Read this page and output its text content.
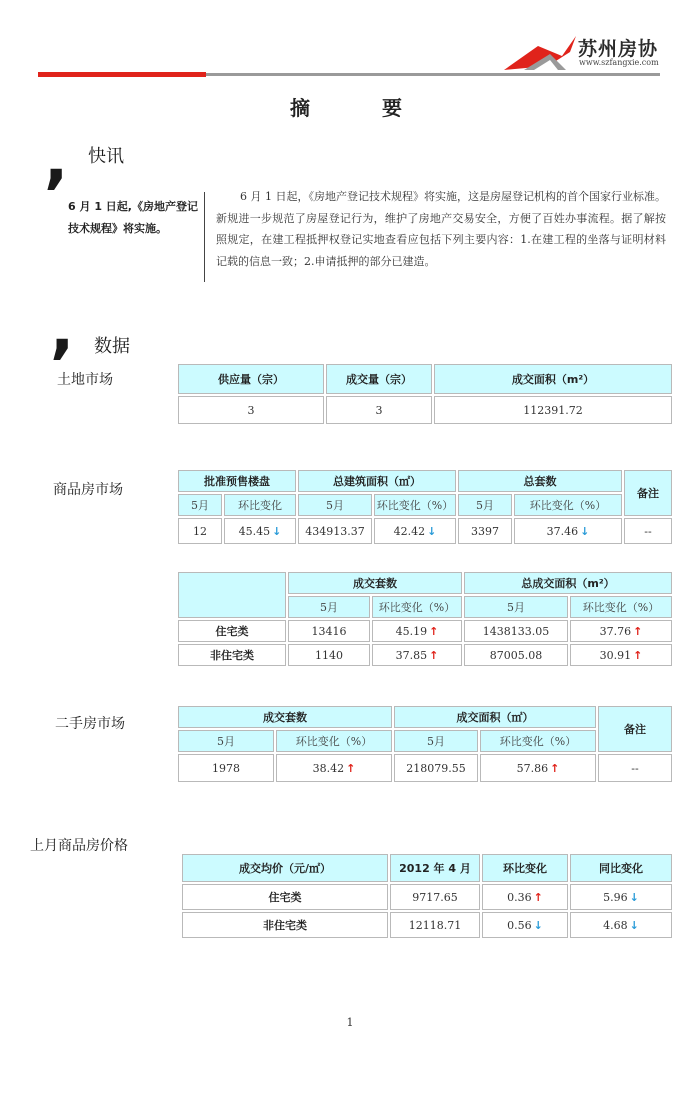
苏州房协
www.szfangxie.com
摘要
, 快讯
6 月 1 日起,《房地产登记技术规程》将实施。
6 月 1 日起，《房地产登记技术规程》将实施，这是房屋登记机构的首个国家行业标准。新规进一步规范了房屋登记行为，维护了房地产交易安全，方便了百姓办事流程。据了解按照规定，在建工程抵押权登记实地查看应包括下列主要内容：1.在建工程的坐落与证明材料记载的信息一致；2.申请抵押的部分已建造。
, 数据
土地市场	供应量（宗）	成交量（宗）	成交面积（m²）
3	3	112391.72
商品房市场
批准预售楼盘		总建筑面积（㎡）		总套数		备注
5月	环比变化	5月	环比变化（%）	5月	环比变化（%）	
12	45.45 ↓	434913.37	42.42 ↓	3397	37.46 ↓	--
	成交套数		总成交面积（m²）	
	5月	环比变化（%）	5月	环比变化（%）
住宅类	13416	45.19 ↑	1438133.05	37.76 ↑
非住宅类	1140	37.85 ↑	87005.08	30.91 ↑
二手房市场	成交套数		成交面积（㎡）		备注
5月	环比变化（%）	5月	环比变化（%）	
1978	38.42 ↑	218079.55	57.86 ↑	--
上月商品房价格
成交均价（元/㎡）	2012 年 4 月	环比变化	同比变化
住宅类	9717.65	0.36 ↑	5.96 ↓
非住宅类	12118.71	0.56 ↓	4.68 ↓
1
